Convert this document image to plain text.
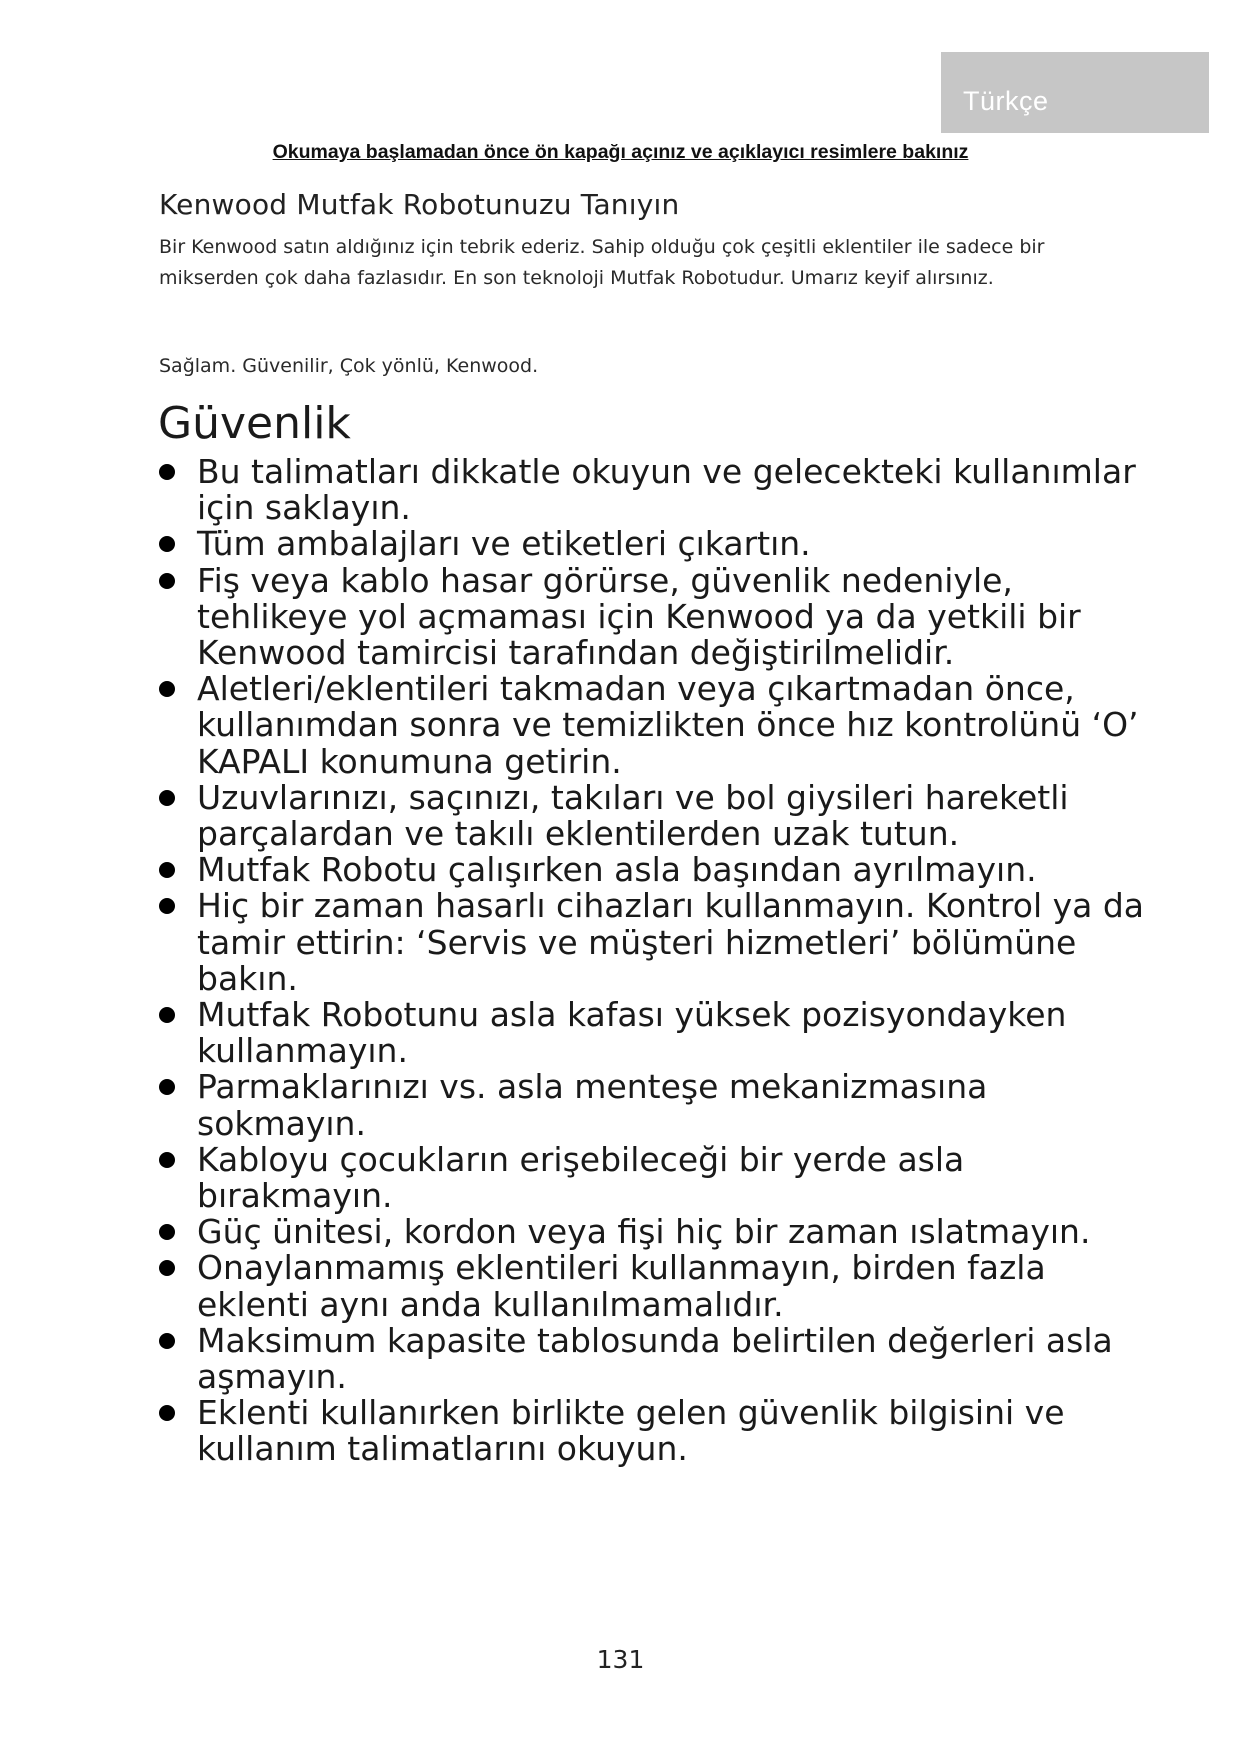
Türkçe
Okumaya başlamadan önce ön kapağı açınız ve açıklayıcı resimlere bakınız
Kenwood Mutfak Robotunuzu Tanıyın

Bir Kenwood satın aldığınız için tebrik ederiz. Sahip olduğu çok çeşitli eklentiler ile sadece bir mikserden çok daha fazlasıdır. En son teknoloji Mutfak Robotudur. Umarız keyif alırsınız.

Sağlam. Güvenilir, Çok yönlü, Kenwood.

Güvenlik
Bu talimatları dikkatle okuyun ve gelecekteki kullanımlar için saklayın.
Tüm ambalajları ve etiketleri çıkartın.
Fiş veya kablo hasar görürse, güvenlik nedeniyle, tehlikeye yol açmaması için Kenwood ya da yetkili bir Kenwood tamircisi tarafından değiştirilmelidir.
Aletleri/eklentileri takmadan veya çıkartmadan önce, kullanımdan sonra ve temizlikten önce hız kontrolünü ‘O’ KAPALI konumuna getirin.
Uzuvlarınızı, saçınızı, takıları ve bol giysileri hareketli parçalardan ve takılı eklentilerden uzak tutun.
Mutfak Robotu çalışırken asla başından ayrılmayın.
Hiç bir zaman hasarlı cihazları kullanmayın. Kontrol ya da tamir ettirin: ‘Servis ve müşteri hizmetleri’ bölümüne bakın.
Mutfak Robotunu asla kafası yüksek pozisyondayken kullanmayın.
Parmaklarınızı vs. asla menteşe mekanizmasına sokmayın.
Kabloyu çocukların erişebileceği bir yerde asla bırakmayın.
Güç ünitesi, kordon veya fişi hiç bir zaman ıslatmayın.
Onaylanmamış eklentileri kullanmayın, birden fazla eklenti aynı anda kullanılmamalıdır.
Maksimum kapasite tablosunda belirtilen değerleri asla aşmayın.
Eklenti kullanırken birlikte gelen güvenlik bilgisini ve kullanım talimatlarını okuyun.
131
